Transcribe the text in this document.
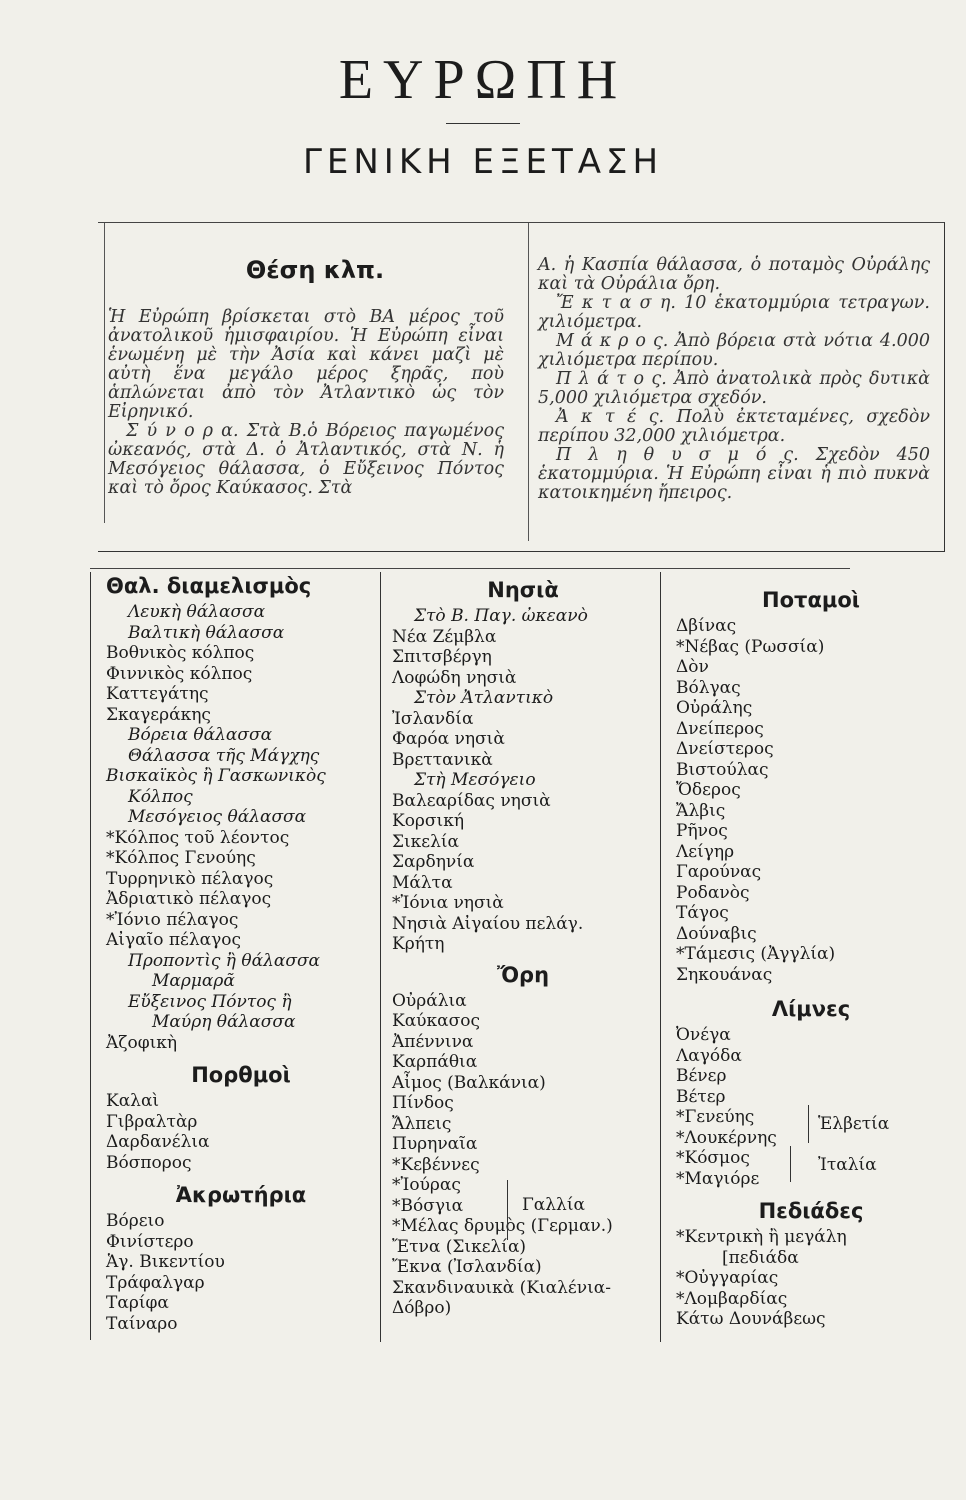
ΕΥΡΩΠΗ
ΓΕΝΙΚΗ ΕΞΕΤΑΣΗ
Θέση κλπ.

Ἡ Εὐρώπη βρίσκεται στὸ ΒΑ μέρος τοῦ ἀνατολικοῦ ἡμισφαιρίου. Ἡ Εὐρώπη εἶναι ἑνωμένη μὲ τὴν Ἀσία καὶ κάνει μαζὶ μὲ αὐτὴ ἕνα μεγάλο μέρος ξηρᾶς, ποὺ ἁπλώνεται ἀπὸ τὸν Ἀτλαντικὸ ὡς τὸν Εἰρηνικό.

Σ ύ ν ο ρ α. Στὰ Β.ὁ Βόρειος παγωμένος ὠκεανός, στὰ Δ. ὁ Ἀτλαντικός, στὰ Ν. ἡ Μεσόγειος θάλασσα, ὁ Εὔξεινος Πόντος καὶ τὸ ὄρος Καύκασος. Στὰ

Α. ἡ Κασπία θάλασσα, ὁ ποταμὸς Οὐράλης καὶ τὰ Οὐράλια ὄρη.

Ἔ κ τ α σ η. 10 ἑκατομμύρια τετραγων. χιλιόμετρα.

Μ ά κ ρ ο ς. Ἀπὸ βόρεια στὰ νότια 4.000 χιλιόμετρα περίπου.

Π λ ά τ ο ς. Ἀπὸ ἀνατολικὰ πρὸς δυτικὰ 5,000 χιλιόμετρα σχεδόν.

Ἀ κ τ έ ς. Πολὺ ἐκτεταμένες, σχεδὸν περίπου 32,000 χιλιόμετρα.

Π λ η θ υ σ μ ό ς. Σχεδὸν 450 ἑκατομμύρια. Ἡ Εὐρώπη εἶναι ἡ πιὸ πυκνὰ κατοικημένη ἤπειρος.

Θαλ. διαμελισμὸς
Λευκὴ θάλασσα
Βαλτικὴ θάλασσα
Βοθνικὸς κόλπος
Φιννικὸς κόλπος
Καττεγάτης
Σκαγεράκης
Βόρεια θάλασσα
Θάλασσα τῆς Μάγχης
Βισκαϊκὸς ἢ Γασκωνικὸς
Κόλπος
Μεσόγειος θάλασσα
*Κόλπος τοῦ λέοντος
*Κόλπος Γενούης
Τυρρηνικὸ πέλαγος
Ἀδριατικὸ πέλαγος
*Ἰόνιο πέλαγος
Αἰγαῖο πέλαγος
Προποντὶς ἢ θάλασσα
Μαρμαρᾶ
Εὔξεινος Πόντος ἢ
Μαύρη θάλασσα
Ἀζοφικὴ
Πορθμοὶ
Καλαὶ
Γιβραλτὰρ
Δαρδανέλια
Βόσπορος
Ἀκρωτήρια
Βόρειο
Φινίστερο
Ἁγ. Βικεντίου
Τράφαλγαρ
Ταρίφα
Ταίναρο
Νησιὰ
Στὸ Β. Παγ. ὠκεανὸ
Νέα Ζέμβλα
Σπιτσβέργη
Λοφώδη νησιὰ
Στὸν Ἀτλαντικὸ
Ἰσλανδία
Φαρόα νησιὰ
Βρεττανικὰ
Στὴ Μεσόγειο
Βαλεαρίδας νησιὰ
Κορσική
Σικελία
Σαρδηνία
Μάλτα
*Ἰόνια νησιὰ
Νησιὰ Αἰγαίου πελάγ.
Κρήτη
Ὄρη
Οὐράλια
Καύκασος
Ἀπέννινα
Καρπάθια
Αἶμος (Βαλκάνια)
Πίνδος
Ἄλπεις
Πυρηναῖα
*Κεβέννες
*Ἰούρας
*Βόσγια
*Μέλας δρυμὸς (Γερμαν.)
Ἔτνα (Σικελία)
Ἔκνα (Ἰσλανδία)
Σκανδιναυικὰ (Κιαλένια-Δόβρο)
Γαλλία
Ποταμοὶ
Δβίνας
*Νέβας (Ρωσσία)
Δὸν
Βόλγας
Οὐράλης
Δνείπερος
Δνείστερος
Βιστούλας
Ὄδερος
Ἄλβις
Ρῆνος
Λείγηρ
Γαρούνας
Ροδανὸς
Τάγος
Δούναβις
*Τάμεσις (Ἀγγλία)
Σηκουάνας
Λίμνες
Ὀνέγα
Λαγόδα
Βένερ
Βέτερ
*Γενεύης
*Λουκέρνης
*Κόσμος
*Μαγιόρε
Πεδιάδες
*Κεντρικὴ ἢ μεγάλη
[πεδιάδα
*Οὐγγαρίας
*Λομβαρδίας
Κάτω Δουνάβεως
Ἑλβετία
Ἰταλία
